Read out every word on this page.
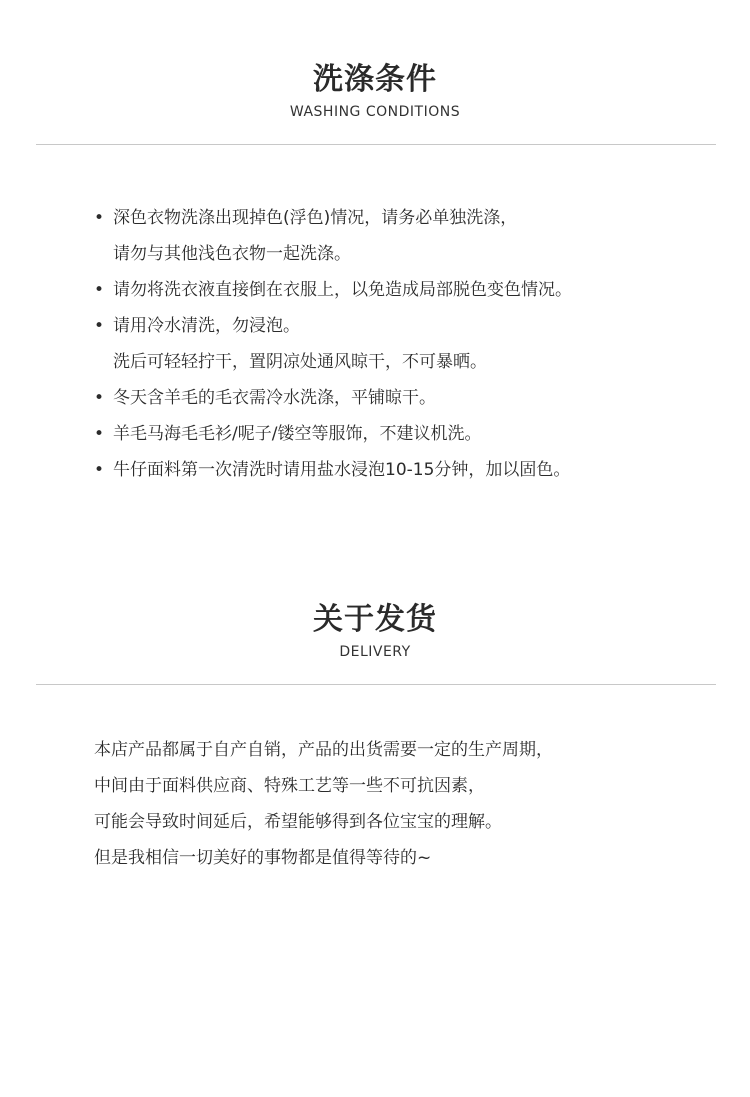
洗涤条件
WASHING CONDITIONS
• 深色衣物洗涤出现掉色(浮色)情况，请务必单独洗涤，
请勿与其他浅色衣物一起洗涤。
• 请勿将洗衣液直接倒在衣服上，以免造成局部脱色变色情况。
• 请用冷水清洗，勿浸泡。
洗后可轻轻拧干，置阴凉处通风晾干，不可暴晒。
• 冬天含羊毛的毛衣需冷水洗涤，平铺晾干。
• 羊毛马海毛毛衫/呢子/镂空等服饰，不建议机洗。
• 牛仔面料第一次清洗时请用盐水浸泡10-15分钟，加以固色。
关于发货
DELIVERY

本店产品都属于自产自销，产品的出货需要一定的生产周期，

中间由于面料供应商、特殊工艺等一些不可抗因素，

可能会导致时间延后，希望能够得到各位宝宝的理解。

但是我相信一切美好的事物都是值得等待的~
